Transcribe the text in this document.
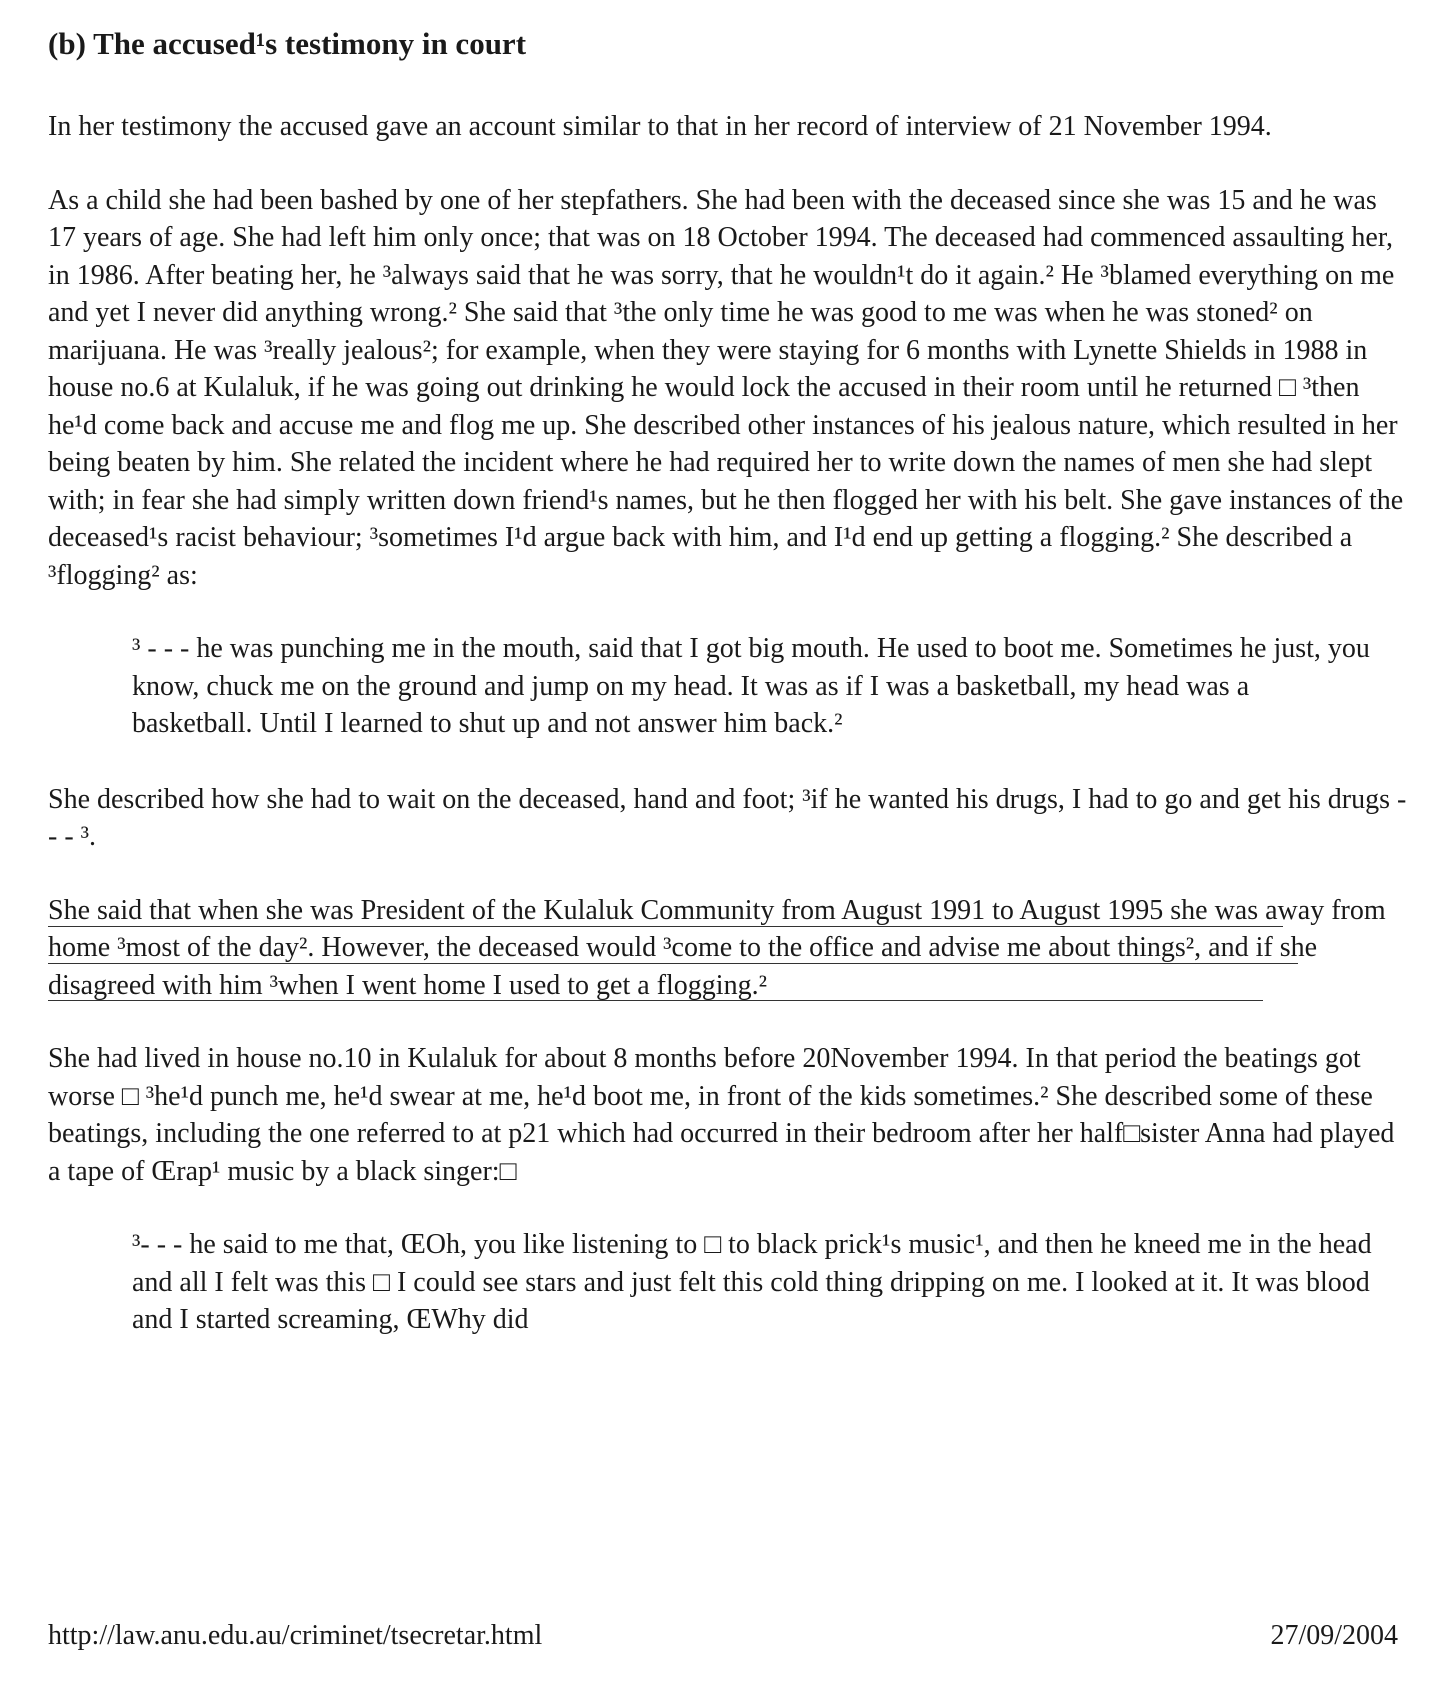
(b) The accused¹s testimony in court

In her testimony the accused gave an account similar to that in her record of interview of 21 November 1994.

As a child she had been bashed by one of her stepfathers. She had been with the deceased since she was 15 and he was 17 years of age. She had left him only once; that was on 18 October 1994. The deceased had commenced assaulting her, in 1986. After beating her, he ³always said that he was sorry, that he wouldn¹t do it again.² He ³blamed everything on me and yet I never did anything wrong.² She said that ³the only time he was good to me was when he was stoned² on marijuana. He was ³really jealous²; for example, when they were staying for 6 months with Lynette Shields in 1988 in house no.6 at Kulaluk, if he was going out drinking he would lock the accused in their room until he returned □ ³then he¹d come back and accuse me and flog me up. She described other instances of his jealous nature, which resulted in her being beaten by him. She related the incident where he had required her to write down the names of men she had slept with; in fear she had simply written down friend¹s names, but he then flogged her with his belt. She gave instances of the deceased¹s racist behaviour; ³sometimes I¹d argue back with him, and I¹d end up getting a flogging.² She described a ³flogging² as:

³ - - - he was punching me in the mouth, said that I got big mouth. He used to boot me. Sometimes he just, you know, chuck me on the ground and jump on my head. It was as if I was a basketball, my head was a basketball. Until I learned to shut up and not answer him back.²

She described how she had to wait on the deceased, hand and foot; ³if he wanted his drugs, I had to go and get his drugs - - - ³.

She said that when she was President of the Kulaluk Community from August 1991 to August 1995 she was away from home ³most of the day². However, the deceased would ³come to the office and advise me about things², and if she disagreed with him ³when I went home I used to get a flogging.²

She had lived in house no.10 in Kulaluk for about 8 months before 20November 1994. In that period the beatings got worse □ ³he¹d punch me, he¹d swear at me, he¹d boot me, in front of the kids sometimes.² She described some of these beatings, including the one referred to at p21 which had occurred in their bedroom after her half□sister Anna had played a tape of Œrap¹ music by a black singer:□

³- - - he said to me that, ŒOh, you like listening to □ to black prick¹s music¹, and then he kneed me in the head and all I felt was this □ I could see stars and just felt this cold thing dripping on me. I looked at it. It was blood and I started screaming, ŒWhy did

http://law.anu.edu.au/criminet/tsecretar.html	27/09/2004
